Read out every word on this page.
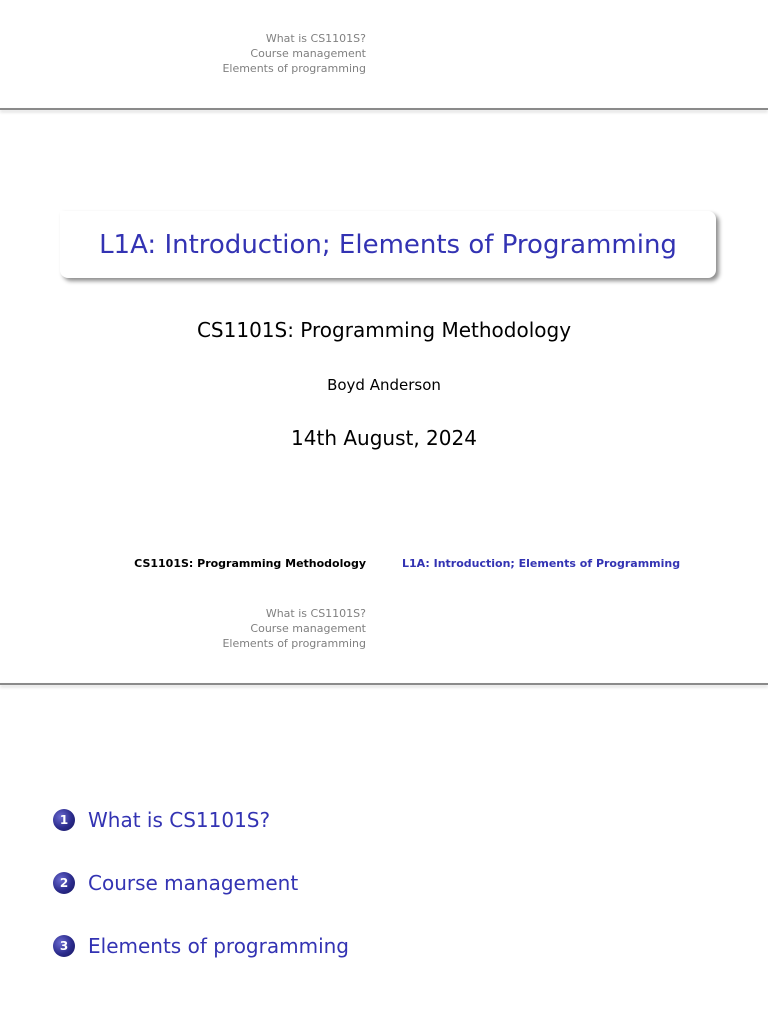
What is CS1101S?
Course management
Elements of programming
L1A: Introduction; Elements of Programming
CS1101S: Programming Methodology
Boyd Anderson
14th August, 2024
CS1101S: Programming Methodology	L1A: Introduction; Elements of Programming
What is CS1101S?
Course management
Elements of programming
1 What is CS1101S?
2 Course management
3 Elements of programming
